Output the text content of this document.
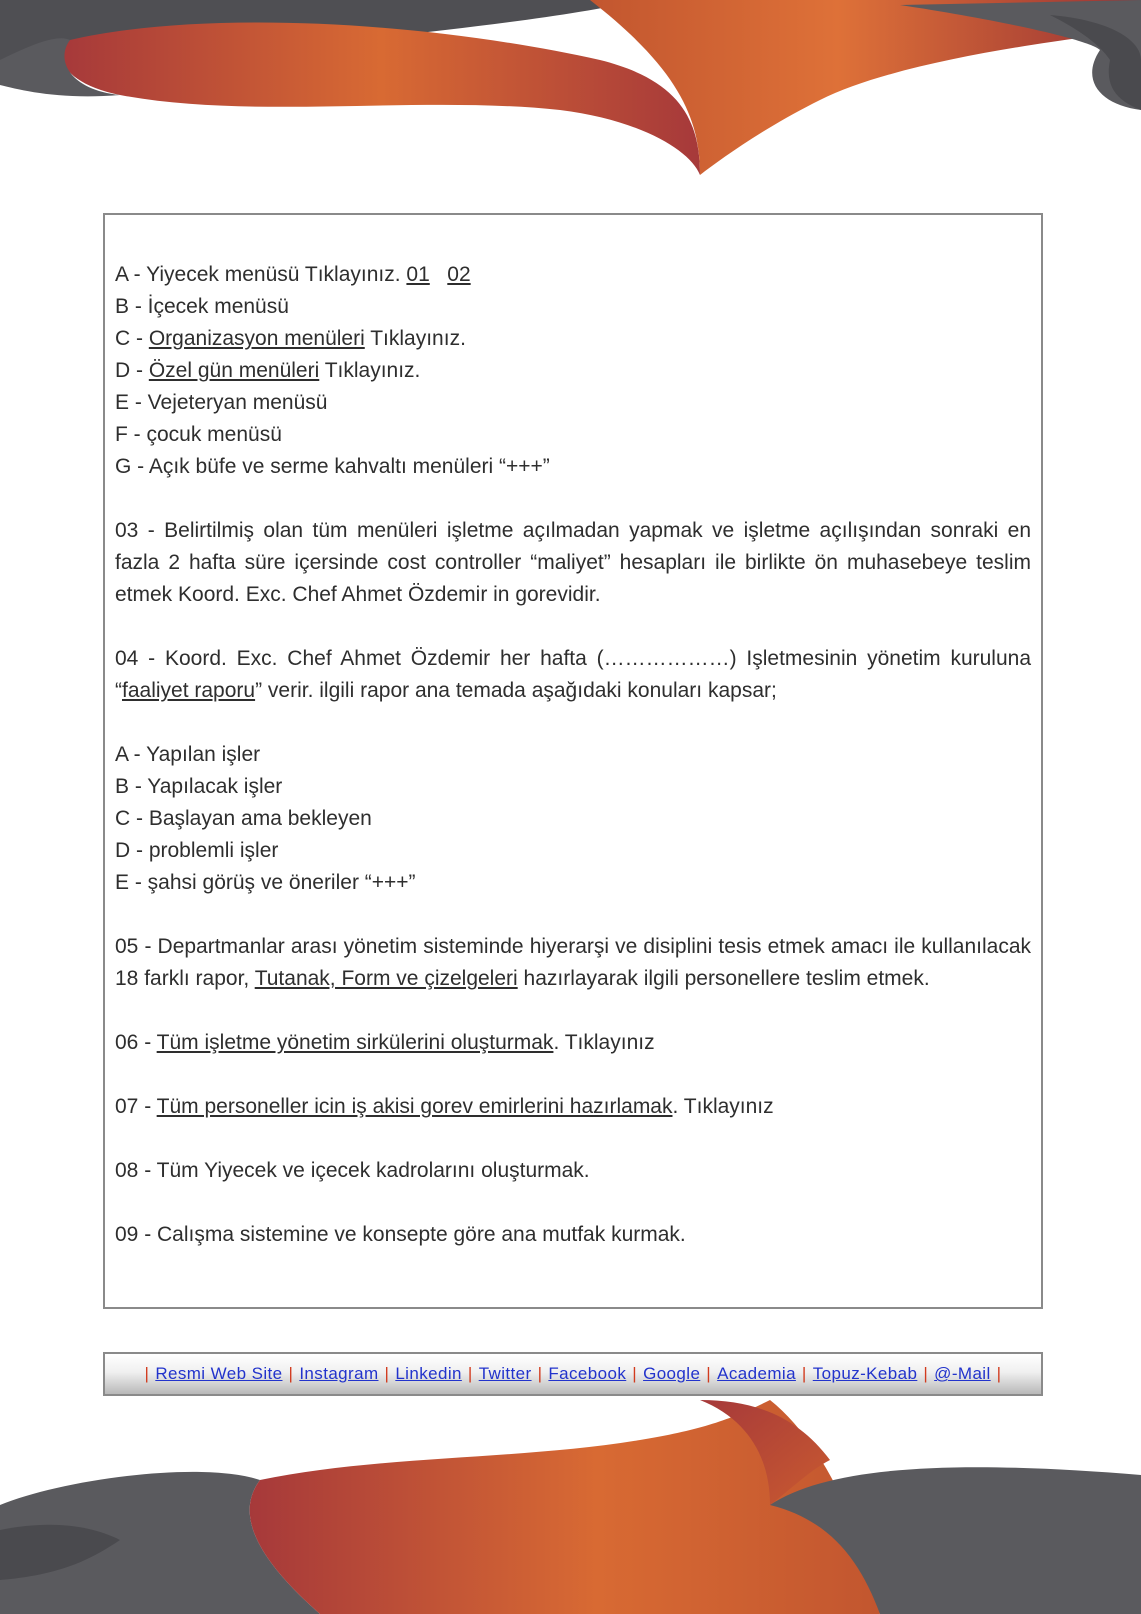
A - Yiyecek menüsü Tıklayınız. 01 02
B - İçecek menüsü
C - Organizasyon menüleri Tıklayınız.
D - Özel gün menüleri Tıklayınız.
E - Vejeteryan menüsü
F - çocuk menüsü
G - Açık büfe ve serme kahvaltı menüleri “+++”
03 - Belirtilmiş olan tüm menüleri işletme açılmadan yapmak ve işletme açılışından sonraki en fazla 2 hafta süre içersinde cost controller “maliyet” hesapları ile birlikte ön muhasebeye teslim etmek Koord. Exc. Chef Ahmet Özdemir in gorevidir.
04 - Koord. Exc. Chef Ahmet Özdemir her hafta (………………) Işletmesinin yönetim kuruluna “faaliyet raporu” verir. ilgili rapor ana temada aşağıdaki konuları kapsar;
A - Yapılan işler
B - Yapılacak işler
C - Başlayan ama bekleyen
D - problemli işler
E - şahsi görüş ve öneriler “+++”
05 - Departmanlar arası yönetim sisteminde hiyerarşi ve disiplini tesis etmek amacı ile kullanılacak 18 farklı rapor, Tutanak, Form ve çizelgeleri hazırlayarak ilgili personellere teslim etmek.
06 - Tüm işletme yönetim sirkülerini oluşturmak. Tıklayınız
07 - Tüm personeller icin iş akisi gorev emirlerini hazırlamak. Tıklayınız
08 - Tüm Yiyecek ve içecek kadrolarını oluşturmak.
09 - Calışma sistemine ve konsepte göre ana mutfak kurmak.
| Resmi Web Site | Instagram | Linkedin | Twitter | Facebook | Google | Academia | Topuz-Kebab | @-Mail |
